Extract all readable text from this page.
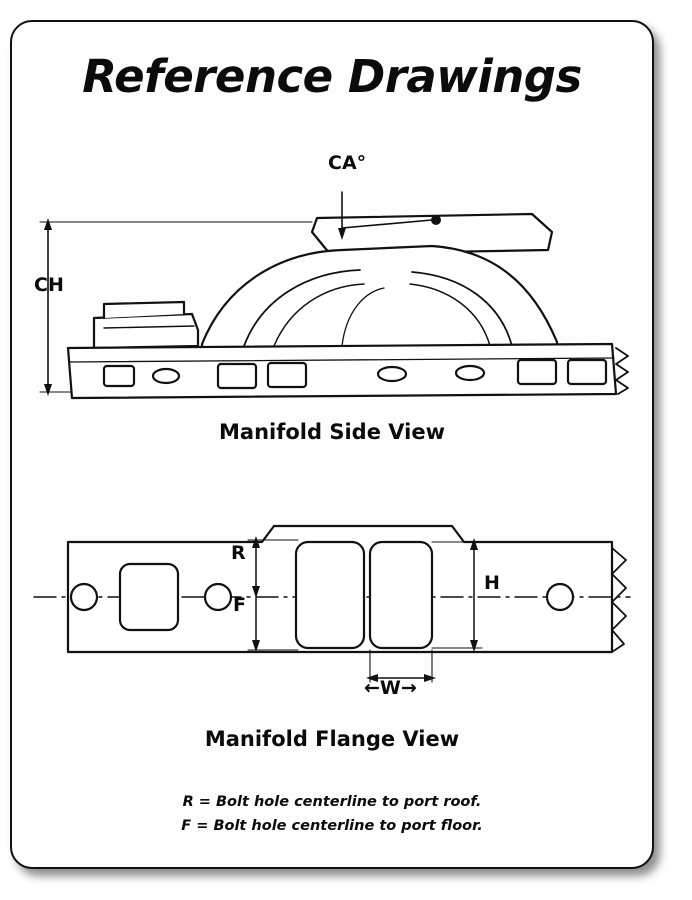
Reference Drawings
CH
CA°
Manifold Side View
R
F
H
←W→
Manifold Flange View
R = Bolt hole centerline to port roof.
F = Bolt hole centerline to port floor.
